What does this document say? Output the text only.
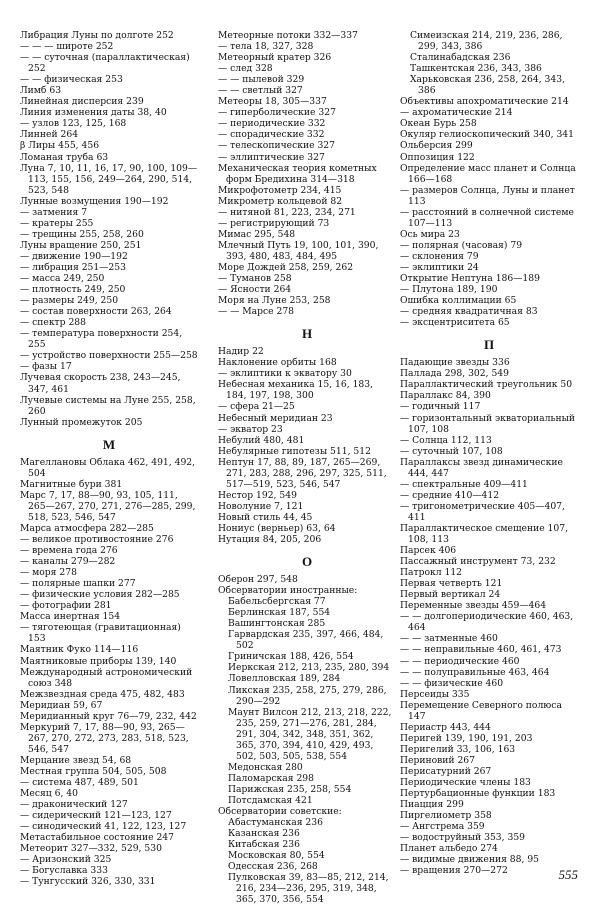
Либрация Луны по долготе 252
— — — широте 252
— — суточная (параллактическая) 252
— — физическая 253
Лимб 63
Линейная дисперсия 239
Линия изменения даты 38, 40
— узлов 123, 125, 168
Линней 264
β Лиры 455, 456
Ломаная труба 63
Луна 7, 10, 11, 16, 17, 90, 100, 109—113, 155, 156, 249—264, 290, 514, 523, 548
Лунные возмущения 190—192
— затмения 7
— кратеры 255
— трещины 255, 258, 260
Луны вращение 250, 251
— движение 190—192
— либрация 251—253
— масса 249, 250
— плотность 249, 250
— размеры 249, 250
— состав поверхности 263, 264
— спектр 288
— температура поверхности 254, 255
— устройство поверхности 255—258
— фазы 17
Лучевая скорость 238, 243—245, 347, 461
Лучевые системы на Луне 255, 258, 260
Лунный промежуток 205
М
Магеллановы Облака 462, 491, 492, 504
Магнитные бури 381
Марс 7, 17, 88—90, 93, 105, 111, 265—267, 270, 271, 276—285, 299, 518, 523, 546, 547
Марса атмосфера 282—285
— великое противостояние 276
— времена года 276
— каналы 279—282
— моря 278
— полярные шапки 277
— физические условия 282—285
— фотографии 281
Масса инертная 154
— тяготеющая (гравитационная) 153
Маятник Фуко 114—116
Маятниковые приборы 139, 140
Международный астрономический союз 348
Межзвездная среда 475, 482, 483
Меридиан 59, 67
Меридианный круг 76—79, 232, 442
Меркурий 7, 17, 88—90, 93, 265—267, 270, 272, 273, 283, 518, 523, 546, 547
Мерцание звезд 54, 68
Местная группа 504, 505, 508
— система 487, 489, 501
Месяц 6, 40
— драконический 127
— сидерический 121—123, 127
— синодический 41, 122, 123, 127
Метастабильное состояние 247
Метеорит 327—332, 529, 530
— Аризонский 325
— Богуславка 333
— Тунгусский 326, 330, 331
Метеорные потоки 332—337
— тела 18, 327, 328
Метеорный кратер 326
— след 328
— — пылевой 329
— — светлый 327
Метеоры 18, 305—337
— гиперболические 327
— периодические 332
— спорадические 332
— телескопические 327
— эллиптические 327
Механическая теория кометных форм Бредихина 314—318
Микрофотометр 234, 415
Микрометр кольцевой 82
— нитяной 81, 223, 234, 271
— регистрирующий 73
Мимас 295, 548
Млечный Путь 19, 100, 101, 390, 393, 480, 483, 484, 495
Море Дождей 258, 259, 262
— Туманов 258
— Ясности 264
Моря на Луне 253, 258
— — Марсе 278
Н
Надир 22
Наклонение орбиты 168
— эклиптики к экватору 30
Небесная механика 15, 16, 183, 184, 197, 198, 300
— сфера 21—25
Небесный меридиан 23
— экватор 23
Небулий 480, 481
Небулярные гипотезы 511, 512
Нептун 17, 88, 89, 187, 265—269, 271, 283, 288, 296, 297, 325, 511, 517—519, 523, 546, 547
Нестор 192, 549
Новолуние 7, 121
Новый стиль 44, 45
Нониус (верньер) 63, 64
Нутация 84, 205, 206
О
Оберон 297, 548
Обсерватории иностранные:
Бабельсбергская 77
Берлинская 187, 554
Вашингтонская 285
Гарвардская 235, 397, 466, 484, 502
Гриничская 188, 426, 554
Иеркская 212, 213, 235, 280, 394
Ловелловская 189, 284
Ликская 235, 258, 275, 279, 286, 290—292
Маунт Вилсон 212, 213, 218, 222, 235, 259, 271—276, 281, 284, 291, 304, 342, 348, 351, 362, 365, 370, 394, 410, 429, 493, 502, 503, 505, 538, 554
Медонская 280
Паломарская 298
Парижская 235, 258, 554
Потсдамская 421
Обсерватории советские:
Абастуманская 236
Казанская 236
Китабская 236
Московская 80, 554
Одесская 236, 268
Пулковская 39, 83—85, 212, 214, 216, 234—236, 295, 319, 348, 365, 370, 356, 554
Симеизская 214, 219, 236, 286, 299, 343, 386
Сталинабадская 236
Ташкентская 236, 343, 386
Харьковская 236, 258, 264, 343, 386
Объективы апохроматические 214
— ахроматические 214
Океан Бурь 258
Окуляр гелиоскопический 340, 341
Ольберсия 299
Оппозиция 122
Определение масс планет и Солнца 166—168
— размеров Солнца, Луны и планет 113
— расстояний в солнечной системе 107—113
Ось мира 23
— полярная (часовая) 79
— склонения 79
— эклиптики 24
Открытие Нептуна 186—189
— Плутона 189, 190
Ошибка коллимации 65
— средняя квадратичная 83
— эксцентриситета 65
П
Падающие звезды 336
Паллада 298, 302, 549
Параллактический треугольник 50
Параллакс 84, 390
— годичный 117
— горизонтальный экваториальный 107, 108
— Солнца 112, 113
— суточный 107, 108
Параллаксы звезд динамические 444, 447
— спектральные 409—411
— средние 410—412
— тригонометрические 405—407, 411
Параллактическое смещение 107, 108, 113
Парсек 406
Пассажный инструмент 73, 232
Патрокл 112
Первая четверть 121
Первый вертикал 24
Переменные звезды 459—464
— — долгопериодические 460, 463, 464
— — затменные 460
— — неправильные 460, 461, 473
— — периодические 460
— — полуправильные 463, 464
— — физические 460
Персеиды 335
Перемещение Северного полюса 147
Периастр 443, 444
Перигей 139, 190, 191, 203
Перигелий 33, 106, 163
Периновий 267
Перисатурний 267
Периодические члены 183
Пертурбационные функции 183
Пиацция 299
Пиргелиометр 358
— Ангстрема 359
— водоструйный 353, 359
Планет альбедо 274
— видимые движения 88, 95
— вращения 270—272	555
